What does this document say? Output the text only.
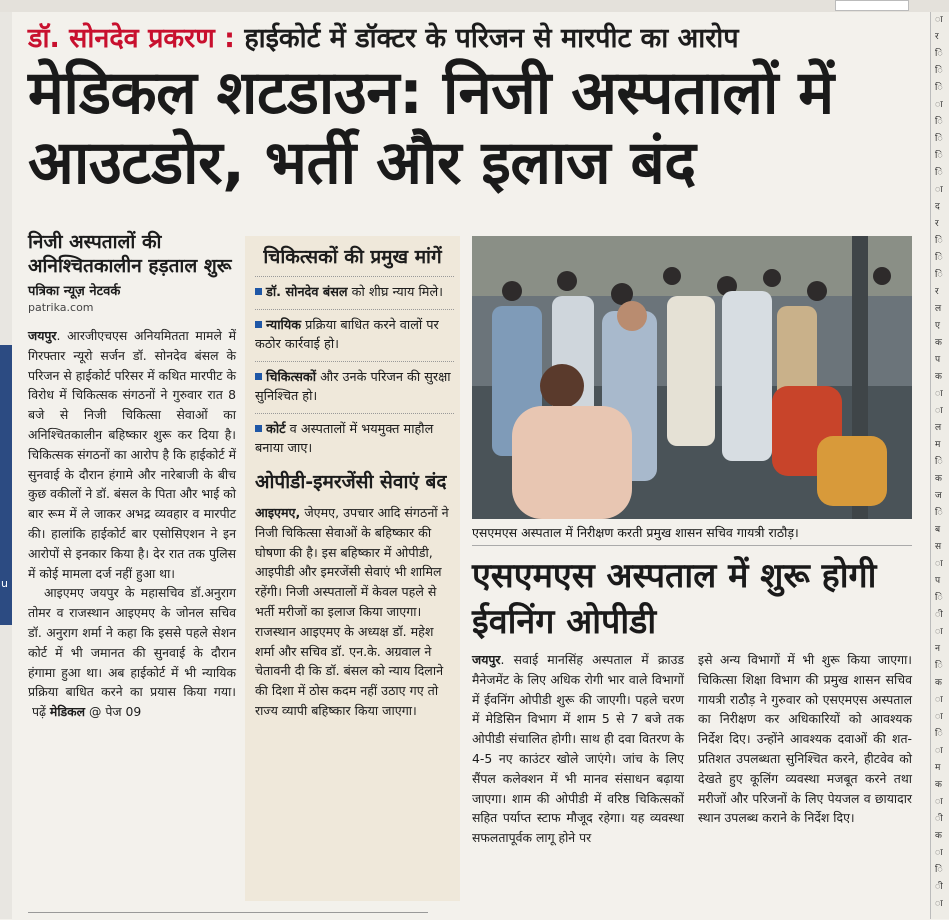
u
ा
र
ि
ि
ि
ा
ि
ि
ि
ि
ा
द
र
ि
ि
ि
र
ल
ए
क
प
क
ा
ा
ल
म
ि
क
ज
ि
ब
स
ा
प
ि
ी
ा
न
ि
क
ा
ा
ि
ा
म
क
ा
ी
क
ा
ि
ी
ा
डॉ. सोनदेव प्रकरण : हाईकोर्ट में डॉक्टर के परिजन से मारपीट का आरोप
मेडिकल शटडाउन: निजी अस्पतालों में आउटडोर, भर्ती और इलाज बंद
निजी अस्पतालों की अनिश्चितकालीन हड़ताल शुरू
पत्रिका न्यूज़ नेटवर्क
patrika.com

जयपुर. आरजीएचएस अनियमितता मामले में गिरफ्तार न्यूरो सर्जन डॉ. सोनदेव बंसल के परिजन से हाईकोर्ट परिसर में कथित मारपीट के विरोध में चिकित्सक संगठनों ने गुरुवार रात 8 बजे से निजी चिकित्सा सेवाओं का अनिश्चितकालीन बहिष्कार शुरू कर दिया है। चिकित्सक संगठनों का आरोप है कि हाईकोर्ट में सुनवाई के दौरान हंगामे और नारेबाजी के बीच कुछ वकीलों ने डॉ. बंसल के पिता और भाई को बार रूम में ले जाकर अभद्र व्यवहार व मारपीट की। हालांकि हाईकोर्ट बार एसोसिएशन ने इन आरोपों से इनकार किया है। देर रात तक पुलिस में कोई मामला दर्ज नहीं हुआ था।

आइएमए जयपुर के महासचिव डॉ.अनुराग तोमर व राजस्थान आइएमए के जोनल सचिव डॉ. अनुराग शर्मा ने कहा कि इससे पहले सेशन कोर्ट में भी जमानत की सुनवाई के दौरान हंगामा हुआ था। अब हाईकोर्ट में भी न्यायिक प्रक्रिया बाधित करने का प्रयास किया गया।  पढ़ें मेडिकल @ पेज 09

चिकित्सकों की प्रमुख मांगें
डॉ. सोनदेव बंसल को शीघ्र न्याय मिले।
न्यायिक प्रक्रिया बाधित करने वालों पर कठोर कार्रवाई हो।
चिकित्सकों और उनके परिजन की सुरक्षा सुनिश्चित हो।
कोर्ट व अस्पतालों में भयमुक्त माहौल बनाया जाए।
ओपीडी-इमरजेंसी सेवाएं बंद

आइएमए, जेएमए, उपचार आदि संगठनों ने निजी चिकित्सा सेवाओं के बहिष्कार की घोषणा की है। इस बहिष्कार में ओपीडी, आइपीडी और इमरजेंसी सेवाएं भी शामिल रहेंगी। निजी अस्पतालों में केवल पहले से भर्ती मरीजों का इलाज किया जाएगा। राजस्थान आइएमए के अध्यक्ष डॉ. महेश शर्मा और सचिव डॉ. एन.के. अग्रवाल ने चेतावनी दी कि डॉ. बंसल को न्याय दिलाने की दिशा में ठोस कदम नहीं उठाए गए तो राज्य व्यापी बहिष्कार किया जाएगा।

एसएमएस अस्पताल में निरीक्षण करती प्रमुख शासन सचिव गायत्री राठौड़।
एसएमएस अस्पताल में शुरू होगी ईवनिंग ओपीडी

जयपुर. सवाई मानसिंह अस्पताल में क्राउड मैनेजमेंट के लिए अधिक रोगी भार वाले विभागों में ईवनिंग ओपीडी शुरू की जाएगी। पहले चरण में मेडिसिन विभाग में शाम 5 से 7 बजे तक ओपीडी संचालित होगी। साथ ही दवा वितरण के 4-5 नए काउंटर खोले जाएंगे। जांच के लिए सैंपल कलेक्शन में भी मानव संसाधन बढ़ाया जाएगा। शाम की ओपीडी में वरिष्ठ चिकित्सकों सहित पर्याप्त स्टाफ मौजूद रहेगा। यह व्यवस्था सफलतापूर्वक लागू होने पर

इसे अन्य विभागों में भी शुरू किया जाएगा। चिकित्सा शिक्षा विभाग की प्रमुख शासन सचिव गायत्री राठौड़ ने गुरुवार को एसएमएस अस्पताल का निरीक्षण कर अधिकारियों को आवश्यक निर्देश दिए। उन्होंने आवश्यक दवाओं की शत-प्रतिशत उपलब्धता सुनिश्चित करने, हीटवेव को देखते हुए कूलिंग व्यवस्था मजबूत करने तथा मरीजों और परिजनों के लिए पेयजल व छायादार स्थान उपलब्ध कराने के निर्देश दिए।
